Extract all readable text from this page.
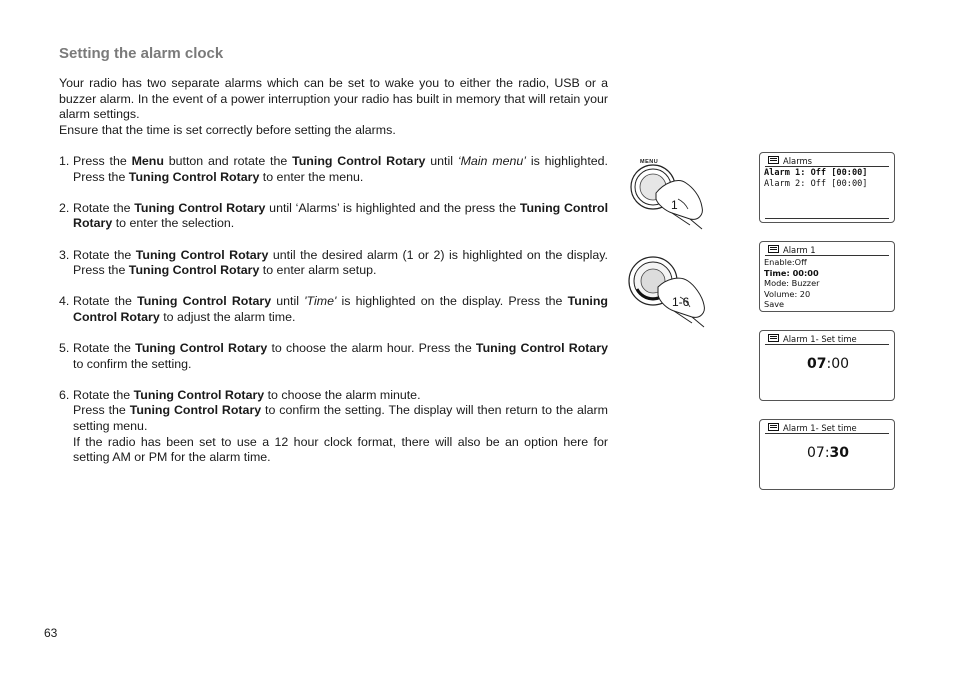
Setting the alarm clock

Your radio has two separate alarms which can be set to wake you to either the radio, USB or a buzzer alarm. In the event of a power interruption your radio has built in memory that will retain your alarm settings.

Ensure that the time is set correctly before setting the alarms.

1. Press the Menu button and rotate the Tuning Control Rotary until ‘Main menu’ is highlighted. Press the Tuning Control Rotary to enter the menu.

2. Rotate the Tuning Control Rotary until ‘Alarms’ is highlighted and the press the Tuning Control Rotary to enter the selection.

3. Rotate the Tuning Control Rotary until the desired alarm (1 or 2) is highlighted on the display. Press the Tuning Control Rotary to enter alarm setup.

4. Rotate the Tuning Control Rotary until 'Time' is highlighted on the display. Press the Tuning Control Rotary to adjust the alarm time.

5. Rotate the Tuning Control Rotary to choose the alarm hour. Press the Tuning Control Rotary to confirm the setting.

6. Rotate the Tuning Control Rotary to choose the alarm minute.

Press the Tuning Control Rotary to confirm the setting. The display will then return to the alarm setting menu.

If the radio has been set to use a 12 hour clock format, there will also be an option here for setting AM or PM for the alarm time.

MENU
1
1-6
Alarms
Alarm 1: Off [00:00]
Alarm 2: Off [00:00]
Alarm 1
Enable:Off
Time: 00:00
Mode: Buzzer
Volume: 20
Save
Alarm 1- Set time
07:00
Alarm 1- Set time
07:30
63
